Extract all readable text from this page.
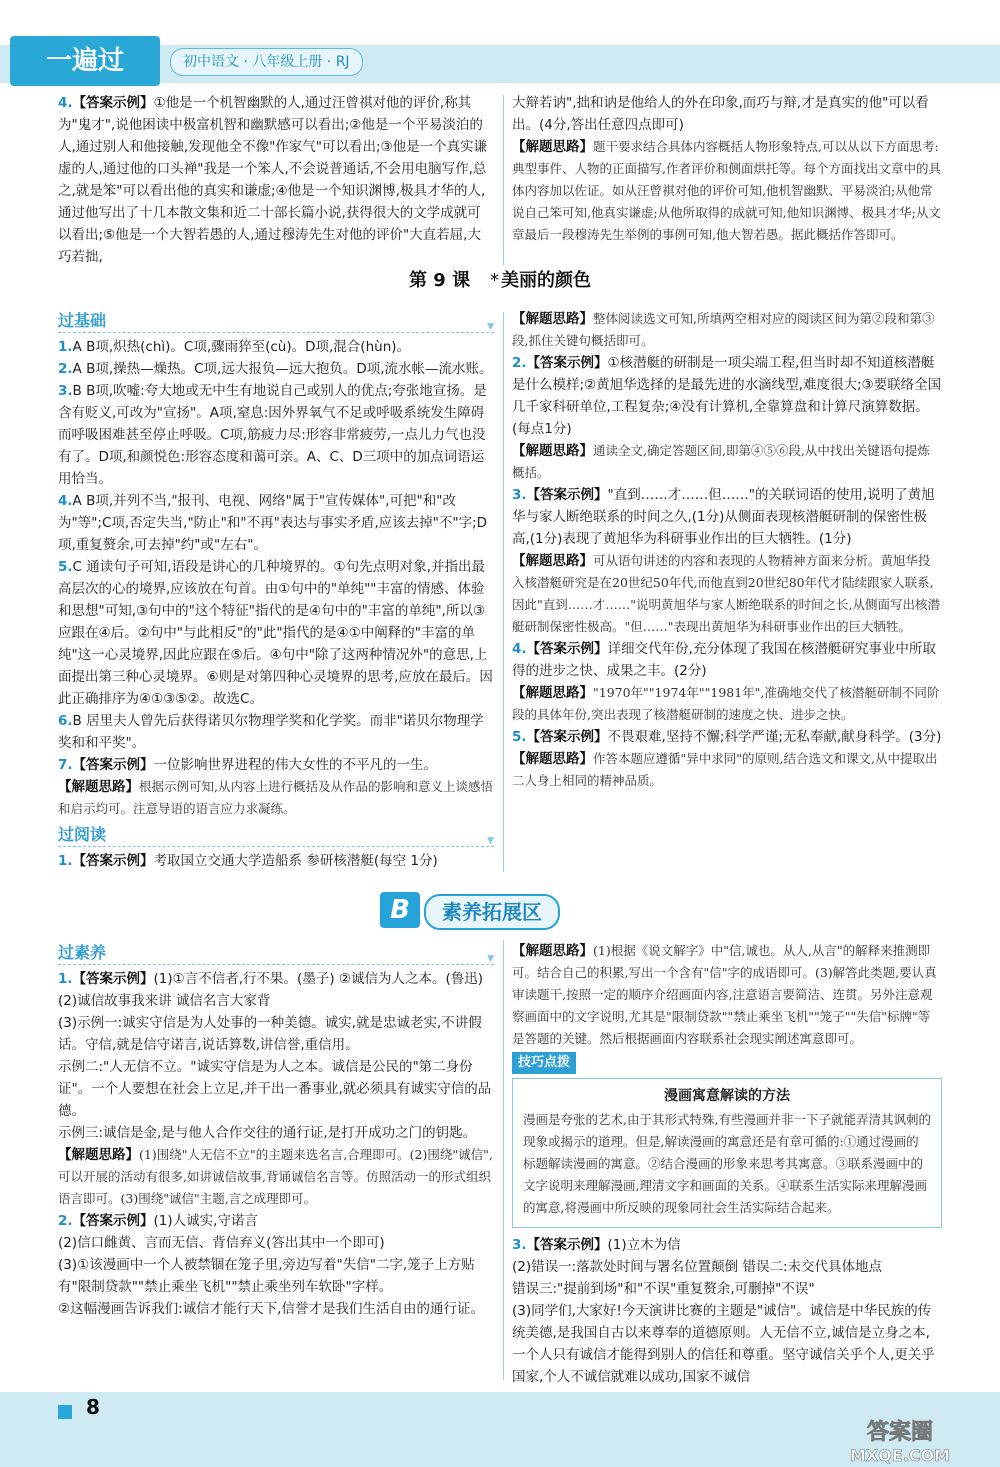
一遍过	初中语文 · 八年级上册 · RJ

4.【答案示例】①他是一个机智幽默的人,通过汪曾祺对他的评价,称其为"鬼才",说他困读中极富机智和幽默感可以看出;②他是一个平易淡泊的人,通过别人和他接触,发现他全不像"作家气"可以看出;③他是一个真实谦虚的人,通过他的口头禅"我是一个笨人,不会说普通话,不会用电脑写作,总之,就是笨"可以看出他的真实和谦虚;④他是一个知识渊博,极具才华的人,通过他写出了十几本散文集和近二十部长篇小说,获得很大的文学成就可以看出;⑤他是一个大智若愚的人,通过穆涛先生对他的评价"大直若屈,大巧若拙,

大辩若讷",拙和讷是他给人的外在印象,而巧与辩,才是真实的他"可以看出。(4分,答出任意四点即可)

【解题思路】题干要求结合具体内容概括人物形象特点,可以从以下方面思考:典型事件、人物的正面描写,作者评价和侧面烘托等。每个方面找出文章中的具体内容加以佐证。如从汪曾祺对他的评价可知,他机智幽默、平易淡泊;从他常说自己笨可知,他真实谦虚;从他所取得的成就可知,他知识渊博、极具才华;从文章最后一段穆涛先生举例的事例可知,他大智若愚。据此概括作答即可。

第 9 课 * 美丽的颜色
过基础 ▼

1.A B项,炽热(chì)。C项,骤雨猝至(cù)。D项,混合(hùn)。

2.A B项,操热—燥热。C项,远大报负—远大抱负。D项,流水帐—流水账。

3.B B项,吹嘘:夸大地或无中生有地说自己或别人的优点;夸张地宣扬。是含有贬义,可改为"宣扬"。A项,窒息:因外界氧气不足或呼吸系统发生障碍而呼吸困难甚至停止呼吸。C项,筋疲力尽:形容非常疲劳,一点儿力气也没有了。D项,和颜悦色:形容态度和蔼可亲。A、C、D三项中的加点词语运用恰当。

4.A B项,并列不当,"报刊、电视、网络"属于"宣传媒体",可把"和"改为"等";C项,否定失当,"防止"和"不再"表达与事实矛盾,应该去掉"不"字;D项,重复赘余,可去掉"约"或"左右"。

5.C 通读句子可知,语段是讲心的几种境界的。①句先点明对象,并指出最高层次的心的境界,应该放在句首。由①句中的"单纯""丰富的情感、体验和思想"可知,③句中的"这个特征"指代的是④句中的"丰富的单纯",所以③应跟在④后。②句中"与此相反"的"此"指代的是④①中阐释的"丰富的单纯"这一心灵境界,因此应跟在⑤后。④句中"除了这两种情况外"的意思,上面提出第三种心灵境界。⑥则是对第四种心灵境界的思考,应放在最后。因此正确排序为④①③⑤②。故选C。

6.B 居里夫人曾先后获得诺贝尔物理学奖和化学奖。而非"诺贝尔物理学奖和和平奖"。

7.【答案示例】一位影响世界进程的伟大女性的不平凡的一生。

【解题思路】根据示例可知,从内容上进行概括及从作品的影响和意义上谈感悟和启示均可。注意导语的语言应力求凝练。

过阅读 ▼

1.【答案示例】考取国立交通大学造船系 参研核潜艇(每空 1分)

B	素养拓展区
过素养 ▼

1.【答案示例】(1)①言不信者,行不果。(墨子) ②诚信为人之本。(鲁迅)

(2)诚信故事我来讲 诚信名言大家背

(3)示例一:诚实守信是为人处事的一种美德。诚实,就是忠诚老实,不讲假话。守信,就是信守诺言,说话算数,讲信誉,重信用。

示例二:"人无信不立。"诚实守信是为人之本。诚信是公民的"第二身份证"。一个人要想在社会上立足,并干出一番事业,就必须具有诚实守信的品德。

示例三:诚信是金,是与他人合作交往的通行证,是打开成功之门的钥匙。

【解题思路】(1)围绕"人无信不立"的主题来选名言,合理即可。(2)围绕"诚信",可以开展的活动有很多,如讲诚信故事,背诵诚信名言等。仿照活动一的形式组织语言即可。(3)围绕"诚信"主题,言之成理即可。

2.【答案示例】(1)人诚实,守诺言

(2)信口雌黄、言而无信、背信弃义(答出其中一个即可)

(3)①该漫画中一个人被禁锢在笼子里,旁边写着"失信"二字,笼子上方贴有"限制贷款""禁止乘坐飞机""禁止乘坐列车软卧"字样。

②这幅漫画告诉我们:诚信才能行天下,信誉才是我们生活自由的通行证。

【解题思路】整体阅读选文可知,所填两空相对应的阅读区间为第②段和第③段,抓住关键句概括即可。

2.【答案示例】①核潜艇的研制是一项尖端工程,但当时却不知道核潜艇是什么模样;②黄旭华选择的是最先进的水滴线型,难度很大;③要联络全国几千家科研单位,工程复杂;④没有计算机,全靠算盘和计算尺演算数据。(每点1分)

【解题思路】通读全文,确定答题区间,即第④⑤⑥段,从中找出关键语句提炼概括。

3.【答案示例】"直到……才……但……"的关联词语的使用,说明了黄旭华与家人断绝联系的时间之久,(1分)从侧面表现核潜艇研制的保密性极高,(1分)表现了黄旭华为科研事业作出的巨大牺牲。(1分)

【解题思路】可从语句讲述的内容和表现的人物精神方面来分析。黄旭华投入核潜艇研究是在20世纪50年代,而他直到20世纪80年代才陆续跟家人联系,因此"直到……才……"说明黄旭华与家人断绝联系的时间之长,从侧面写出核潜艇研制保密性极高。"但……"表现出黄旭华为科研事业作出的巨大牺牲。

4.【答案示例】详细交代年份,充分体现了我国在核潜艇研究事业中所取得的进步之快、成果之丰。(2分)

【解题思路】"1970年""1974年""1981年",准确地交代了核潜艇研制不同阶段的具体年份,突出表现了核潜艇研制的速度之快、进步之快。

5.【答案示例】不畏艰难,坚持不懈;科学严谨;无私奉献,献身科学。(3分)

【解题思路】作答本题应遵循"异中求同"的原则,结合选文和课文,从中提取出二人身上相同的精神品质。

【解题思路】(1)根据《说文解字》中"信,诚也。从人,从言"的解释来推测即可。结合自己的积累,写出一个含有"信"字的成语即可。(3)解答此类题,要认真审读题干,按照一定的顺序介绍画面内容,注意语言要简洁、连贯。另外注意观察画面中的文字说明,尤其是"限制贷款""禁止乘坐飞机""笼子""失信"标牌"等是答题的关键。然后根据画面内容联系社会现实阐述寓意即可。

技巧点拨
漫画寓意解读的方法
漫画是夸张的艺术,由于其形式特殊,有些漫画并非一下子就能弄清其讽刺的现象或揭示的道理。但是,解读漫画的寓意还是有章可循的:①通过漫画的标题解读漫画的寓意。②结合漫画的形象来思考其寓意。③联系漫画中的文字说明来理解漫画,理清文字和画面的关系。④联系生活实际来理解漫画的寓意,将漫画中所反映的现象同社会生活实际结合起来。

3.【答案示例】(1)立木为信

(2)错误一:落款处时间与署名位置颠倒 错误二:未交代具体地点

错误三:"提前到场"和"不误"重复赘余,可删掉"不误"

(3)同学们,大家好!今天演讲比赛的主题是"诚信"。诚信是中华民族的传统美德,是我国自古以来尊奉的道德原则。人无信不立,诚信是立身之本,一个人只有诚信才能得到别人的信任和尊重。坚守诚信关乎个人,更关乎国家,个人不诚信就难以成功,国家不诚信

8
答案圈
MXQE.COM
